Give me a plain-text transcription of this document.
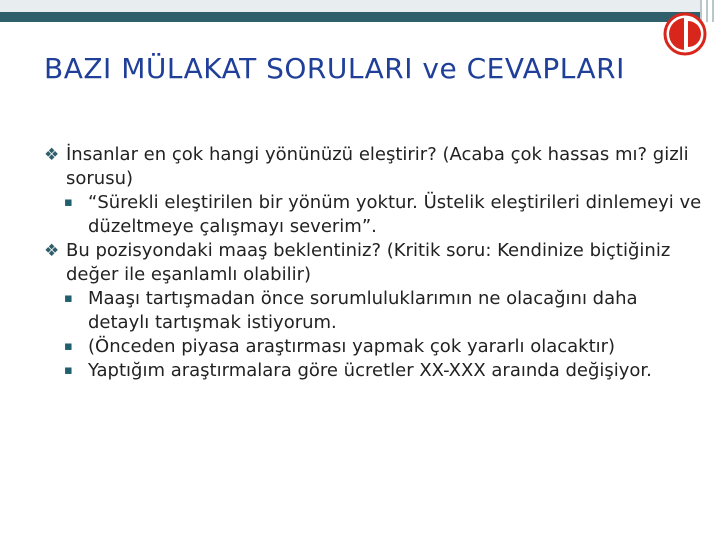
BAZI MÜLAKAT SORULARI ve CEVAPLARI
❖ İnsanlar en çok hangi yönünüzü eleştirir? (Acaba çok hassas mı? gizli sorusu)
▪ “Sürekli eleştirilen bir yönüm yoktur. Üstelik eleştirileri dinlemeyi ve düzeltmeye çalışmayı severim”.
❖ Bu pozisyondaki maaş beklentiniz? (Kritik soru: Kendinize biçtiğiniz değer ile eşanlamlı olabilir)
▪ Maaşı tartışmadan önce sorumluluklarımın ne olacağını daha detaylı tartışmak istiyorum.
▪ (Önceden piyasa araştırması yapmak çok yararlı olacaktır)
▪ Yaptığım araştırmalara göre ücretler XX-XXX araında değişiyor.
